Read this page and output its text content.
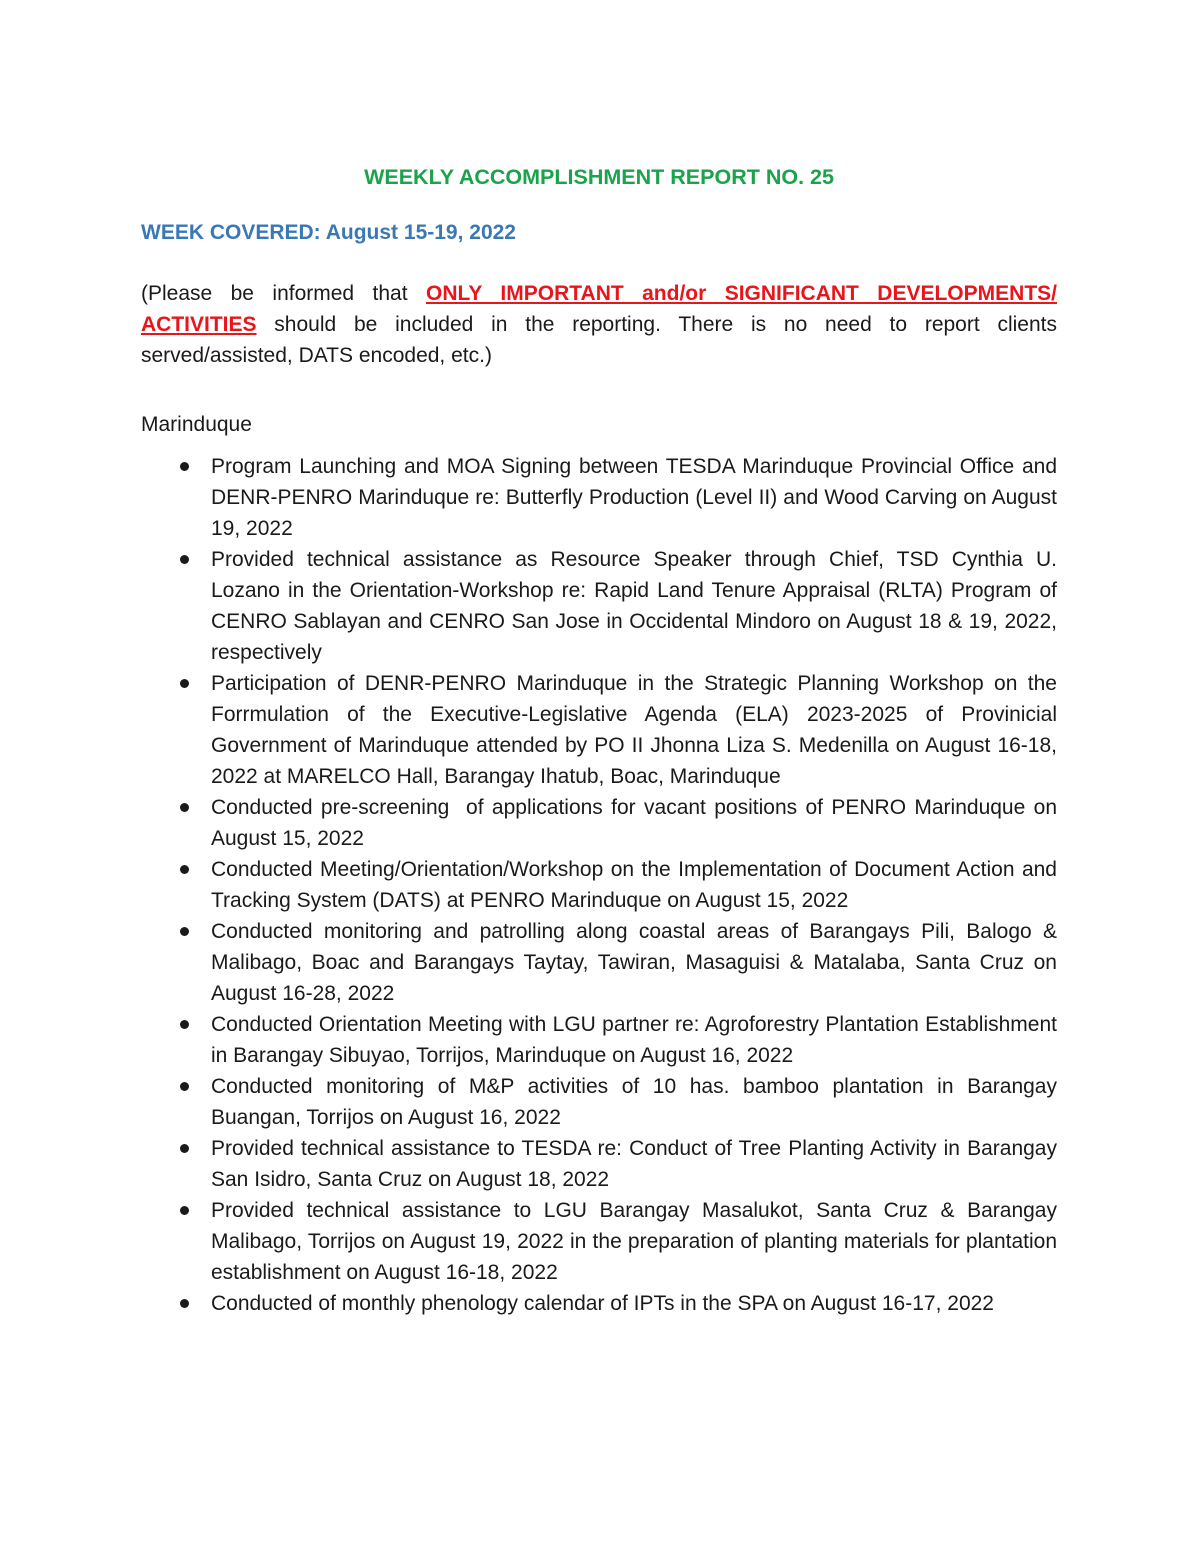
WEEKLY ACCOMPLISHMENT REPORT NO. 25

WEEK COVERED: August 15-19, 2022

(Please be informed that ONLY IMPORTANT and/or SIGNIFICANT DEVELOPMENTS/ ACTIVITIES should be included in the reporting. There is no need to report clients served/assisted, DATS encoded, etc.)

Marinduque

Program Launching and MOA Signing between TESDA Marinduque Provincial Office and DENR-PENRO Marinduque re: Butterfly Production (Level II) and Wood Carving on August 19, 2022
Provided technical assistance as Resource Speaker through Chief, TSD Cynthia U. Lozano in the Orientation-Workshop re: Rapid Land Tenure Appraisal (RLTA) Program of CENRO Sablayan and CENRO San Jose in Occidental Mindoro on August 18 & 19, 2022, respectively
Participation of DENR-PENRO Marinduque in the Strategic Planning Workshop on the Forrmulation of the Executive-Legislative Agenda (ELA) 2023-2025 of Provinicial Government of Marinduque attended by PO II Jhonna Liza S. Medenilla on August 16-18, 2022 at MARELCO Hall, Barangay Ihatub, Boac, Marinduque
Conducted pre-screening  of applications for vacant positions of PENRO Marinduque on August 15, 2022
Conducted Meeting/Orientation/Workshop on the Implementation of Document Action and Tracking System (DATS) at PENRO Marinduque on August 15, 2022
Conducted monitoring and patrolling along coastal areas of Barangays Pili, Balogo & Malibago, Boac and Barangays Taytay, Tawiran, Masaguisi & Matalaba, Santa Cruz on August 16-28, 2022
Conducted Orientation Meeting with LGU partner re: Agroforestry Plantation Establishment in Barangay Sibuyao, Torrijos, Marinduque on August 16, 2022
Conducted monitoring of M&P activities of 10 has. bamboo plantation in Barangay Buangan, Torrijos on August 16, 2022
Provided technical assistance to TESDA re: Conduct of Tree Planting Activity in Barangay San Isidro, Santa Cruz on August 18, 2022
Provided technical assistance to LGU Barangay Masalukot, Santa Cruz & Barangay Malibago, Torrijos on August 19, 2022 in the preparation of planting materials for plantation establishment on August 16-18, 2022
Conducted of monthly phenology calendar of IPTs in the SPA on August 16-17, 2022
